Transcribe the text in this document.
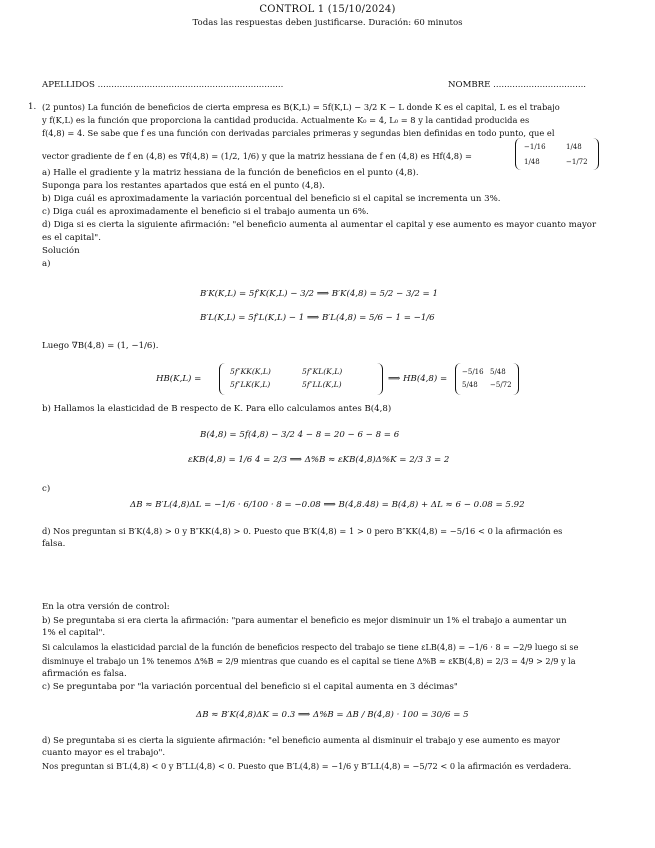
CONTROL 1 (15/10/2024)
Todas las respuestas deben justificarse. Duración: 60 minutos
APELLIDOS ....................................................................	NOMBRE ..................................
1. (2 puntos) La función de beneficios de cierta empresa es B(K,L) = 5f(K,L) − 3/2 K − L donde K es el capital, L es el trabajo
y f(K,L) es la función que proporciona la cantidad producida. Actualmente K₀ = 4, L₀ = 8 y la cantidad producida es
f(4,8) = 4. Se sabe que f es una función con derivadas parciales primeras y segundas bien definidas en todo punto, que el
vector gradiente de f en (4,8) es ∇f(4,8) = (1/2, 1/6) y que la matriz hessiana de f en (4,8) es Hf(4,8) =
−1/16	1/48
1/48	−1/72
a) Halle el gradiente y la matriz hessiana de la función de beneficios en el punto (4,8).
Suponga para los restantes apartados que está en el punto (4,8).
b) Diga cuál es aproximadamente la variación porcentual del beneficio si el capital se incrementa un 3%.
c) Diga cuál es aproximadamente el beneficio si el trabajo aumenta un 6%.
d) Diga si es cierta la siguiente afirmación: "el beneficio aumenta al aumentar el capital y ese aumento es mayor cuanto mayor
es el capital".
Solución
a)
B′K(K,L) = 5f′K(K,L) − 3/2 ⟹ B′K(4,8) = 5/2 − 3/2 = 1
B′L(K,L) = 5f′L(K,L) − 1 ⟹ B′L(4,8) = 5/6 − 1 = −1/6
Luego ∇B(4,8) = (1, −1/6).
HB(K,L) =
5f″KK(K,L)	5f″KL(K,L)
5f″LK(K,L)	5f″LL(K,L)
⟹ HB(4,8) =
−5/16 5/48
5/48 −5/72
b) Hallamos la elasticidad de B respecto de K. Para ello calculamos antes B(4,8)
B(4,8) = 5f(4,8) − 3/2 4 − 8 = 20 − 6 − 8 = 6
εKB(4,8) = 1/6 4 = 2/3 ⟹ Δ%B ≈ εKB(4,8)Δ%K = 2/3 3 = 2
c)
ΔB ≈ B′L(4,8)ΔL = −1/6 · 6/100 · 8 = −0.08 ⟹ B(4,8.48) = B(4,8) + ΔL ≈ 6 − 0.08 = 5.92
d) Nos preguntan si B′K(4,8) > 0 y B″KK(4,8) > 0. Puesto que B′K(4,8) = 1 > 0 pero B″KK(4,8) = −5/16 < 0 la afirmación es
falsa.
En la otra versión de control:
b) Se preguntaba si era cierta la afirmación: "para aumentar el beneficio es mejor disminuir un 1% el trabajo a aumentar un
1% el capital".
Si calculamos la elasticidad parcial de la función de beneficios respecto del trabajo se tiene εLB(4,8) = −1/6 · 8 = −2/9 luego si se
disminuye el trabajo un 1% tenemos Δ%B ≈ 2/9 mientras que cuando es el capital se tiene Δ%B ≈ εKB(4,8) = 2/3 = 4/9 > 2/9 y la
afirmación es falsa.
c) Se preguntaba por "la variación porcentual del beneficio si el capital aumenta en 3 décimas"
ΔB ≈ B′K(4,8)ΔK = 0.3 ⟹ Δ%B = ΔB / B(4,8) · 100 = 30/6 = 5
d) Se preguntaba si es cierta la siguiente afirmación: "el beneficio aumenta al disminuir el trabajo y ese aumento es mayor
cuanto mayor es el trabajo".
Nos preguntan si B′L(4,8) < 0 y B″LL(4,8) < 0. Puesto que B′L(4,8) = −1/6 y B″LL(4,8) = −5/72 < 0 la afirmación es verdadera.
